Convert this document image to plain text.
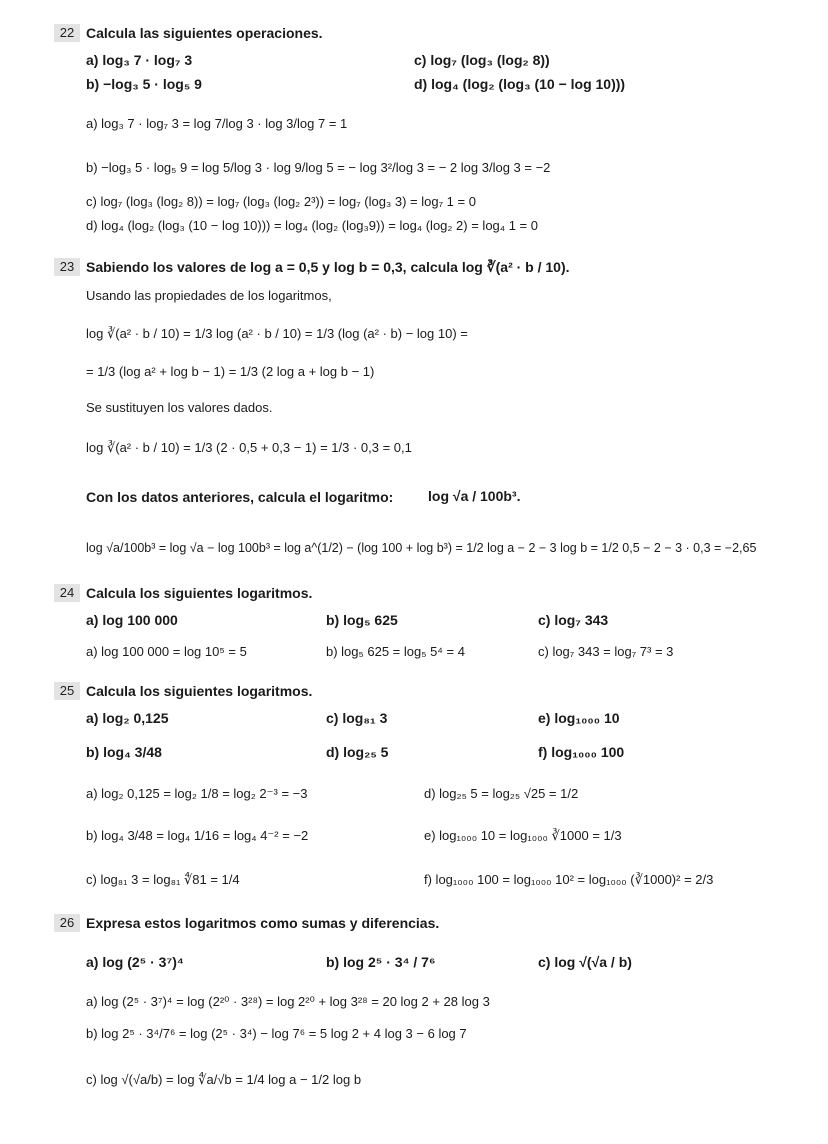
22 Calcula las siguientes operaciones.
a) log₃ 7 · log₇ 3
b) −log₃ 5 · log₅ 9
c) log₇ (log₃ (log₂ 8))
d) log₄ (log₂ (log₃ (10 − log 10)))
a) log₃ 7 · log₇ 3 = log 7/log 3 · log 3/log 7 = 1
b) −log₃ 5 · log₅ 9 = log 5/log 3 · log 9/log 5 = − log 3²/log 3 = − 2 log 3/log 3 = −2
c) log₇ (log₃ (log₂ 8)) = log₇ (log₃ (log₂ 2³)) = log₇ (log₃ 3) = log₇ 1 = 0
d) log₄ (log₂ (log₃ (10 − log 10))) = log₄ (log₂ (log₃9)) = log₄ (log₂ 2) = log₄ 1 = 0
23 Sabiendo los valores de log a = 0,5 y log b = 0,3, calcula log ∛(a² · b / 10).
Usando las propiedades de los logaritmos,
log ∛(a² · b / 10) = 1/3 log (a² · b / 10) = 1/3 (log (a² · b) − log 10) =
= 1/3 (log a² + log b − 1) = 1/3 (2 log a + log b − 1)
Se sustituyen los valores dados.
log ∛(a² · b / 10) = 1/3 (2 · 0,5 + 0,3 − 1) = 1/3 · 0,3 = 0,1
Con los datos anteriores, calcula el logaritmo: log √a / 100b³.
log √a/100b³ = log √a − log 100b³ = log a^(1/2) − (log 100 + log b³) = 1/2 log a − 2 − 3 log b = 1/2 0,5 − 2 − 3 · 0,3 = −2,65
24 Calcula los siguientes logaritmos.
a) log 100 000	b) log₅ 625	c) log₇ 343
a) log 100 000 = log 10⁵ = 5	b) log₅ 625 = log₅ 5⁴ = 4	c) log₇ 343 = log₇ 7³ = 3
25 Calcula los siguientes logaritmos.
a) log₂ 0,125	c) log₈₁ 3	e) log₁₀₀₀ 10
b) log₄ 3/48	d) log₂₅ 5	f) log₁₀₀₀ 100
a) log₂ 0,125 = log₂ 1/8 = log₂ 2⁻³ = −3	d) log₂₅ 5 = log₂₅ √25 = 1/2
b) log₄ 3/48 = log₄ 1/16 = log₄ 4⁻² = −2	e) log₁₀₀₀ 10 = log₁₀₀₀ ∛1000 = 1/3
c) log₈₁ 3 = log₈₁ ∜81 = 1/4	f) log₁₀₀₀ 100 = log₁₀₀₀ 10² = log₁₀₀₀ (∛1000)² = 2/3
26 Expresa estos logaritmos como sumas y diferencias.
a) log (2⁵ · 3⁷)⁴	b) log 2⁵ · 3⁴ / 7⁶	c) log √(√a / b)
a) log (2⁵ · 3⁷)⁴ = log (2²⁰ · 3²⁸) = log 2²⁰ + log 3²⁸ = 20 log 2 + 28 log 3
b) log 2⁵ · 3⁴/7⁶ = log (2⁵ · 3⁴) − log 7⁶ = 5 log 2 + 4 log 3 − 6 log 7
c) log √(√a/b) = log ∜a/√b = 1/4 log a − 1/2 log b
